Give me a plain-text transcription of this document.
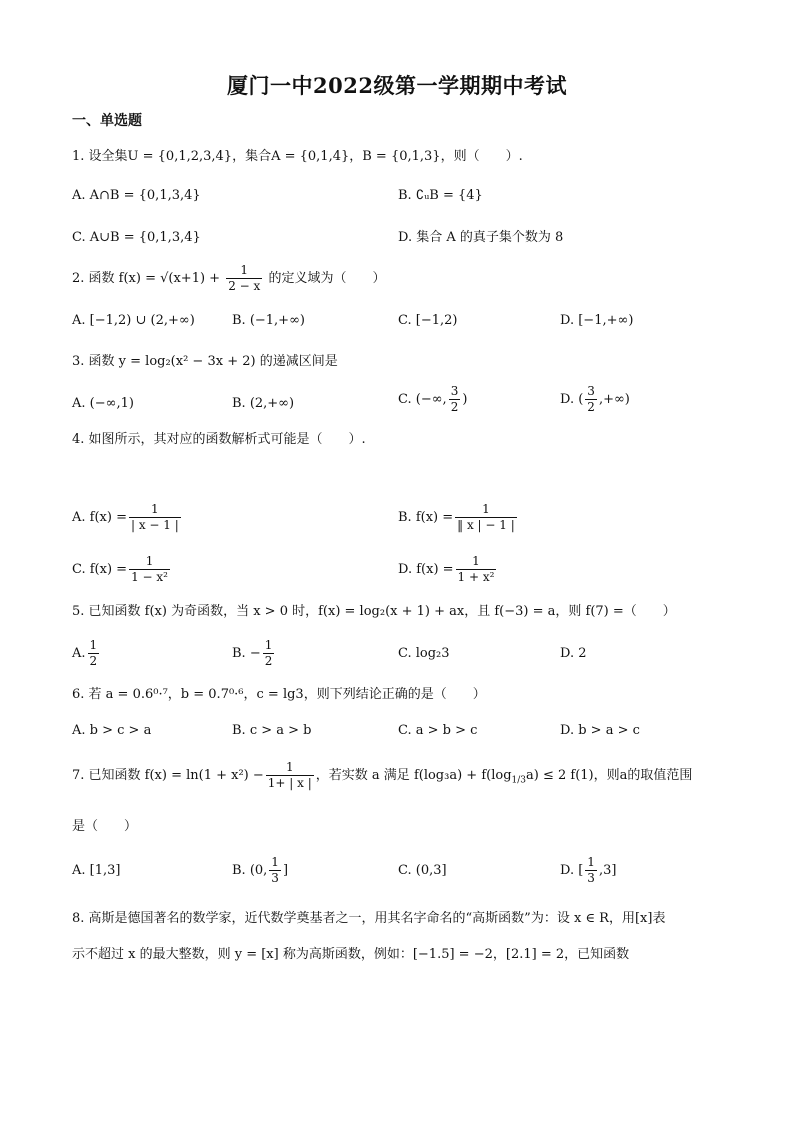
厦门一中2022级第一学期期中考试
一、单选题
1. 设全集U = {0,1,2,3,4}，集合A = {0,1,4}，B = {0,1,3}，则（　　）.
A. A∩B = {0,1,3,4}	B. ∁ᵤB = {4}
C. A∪B = {0,1,3,4}	D. 集合 A 的真子集个数为 8
2. 函数 $f(x) = √(x+1) + \frac{1}{2 - x}$ 的定义域为（　　）
A. [−1,2) ∪ (2,+∞)	B. (−1,+∞)	C. [−1,2)	D. [−1,+∞)
3. 函数 y = log₂(x² − 3x + 2) 的递减区间是
A. (−∞,1)	B. (2,+∞)	C. (−∞, $\frac{3}{2}$ )	D. ( $\frac{3}{2}$ ,+∞)
4. 如图所示，其对应的函数解析式可能是（　　）.
A. $f(x) = \frac{1}{| x - 1 |}$	B. $f(x) = \frac{1}{‖ x | - 1 |}$
C. $f(x) = \frac{1}{\text{1 − x²}}$	D. $f(x) = \frac{1}{\text{1 + x²}}$
5. 已知函数 f(x) 为奇函数，当 x > 0 时，f(x) = log₂(x + 1) + ax，且 f(−3) = a，则 f(7) =（　　）
A. $\frac{1}{2}$	B. − $\frac{1}{2}$	C. log₂3	D. 2
6. 若 a = 0.6⁰·⁷，b = 0.7⁰·⁶，c = lg3，则下列结论正确的是（　　）
A. b > c > a	B. c > a > b	C. a > b > c	D. b > a > c
7. 已知函数 $f(x) = \ln(1 + x^2) - \frac{1}{1+ | x |}$ ，若实数 a 满足 $f(\log_3a) + f(\log_{1/3}a) \le 2$ f(1)，则a的取值范围
是（　　）
A. [1,3]	B. (0, $\frac{1}{3}$ ]	C. (0,3]	D. [ $\frac{1}{3} ,3$]
8. 高斯是德国著名的数学家，近代数学奠基者之一，用其名字命名的“高斯函数”为：设 x ∈ R，用[x]表
示不超过 x 的最大整数，则 y = [x] 称为高斯函数，例如：[−1.5] = −2，[2.1] = 2，已知函数
